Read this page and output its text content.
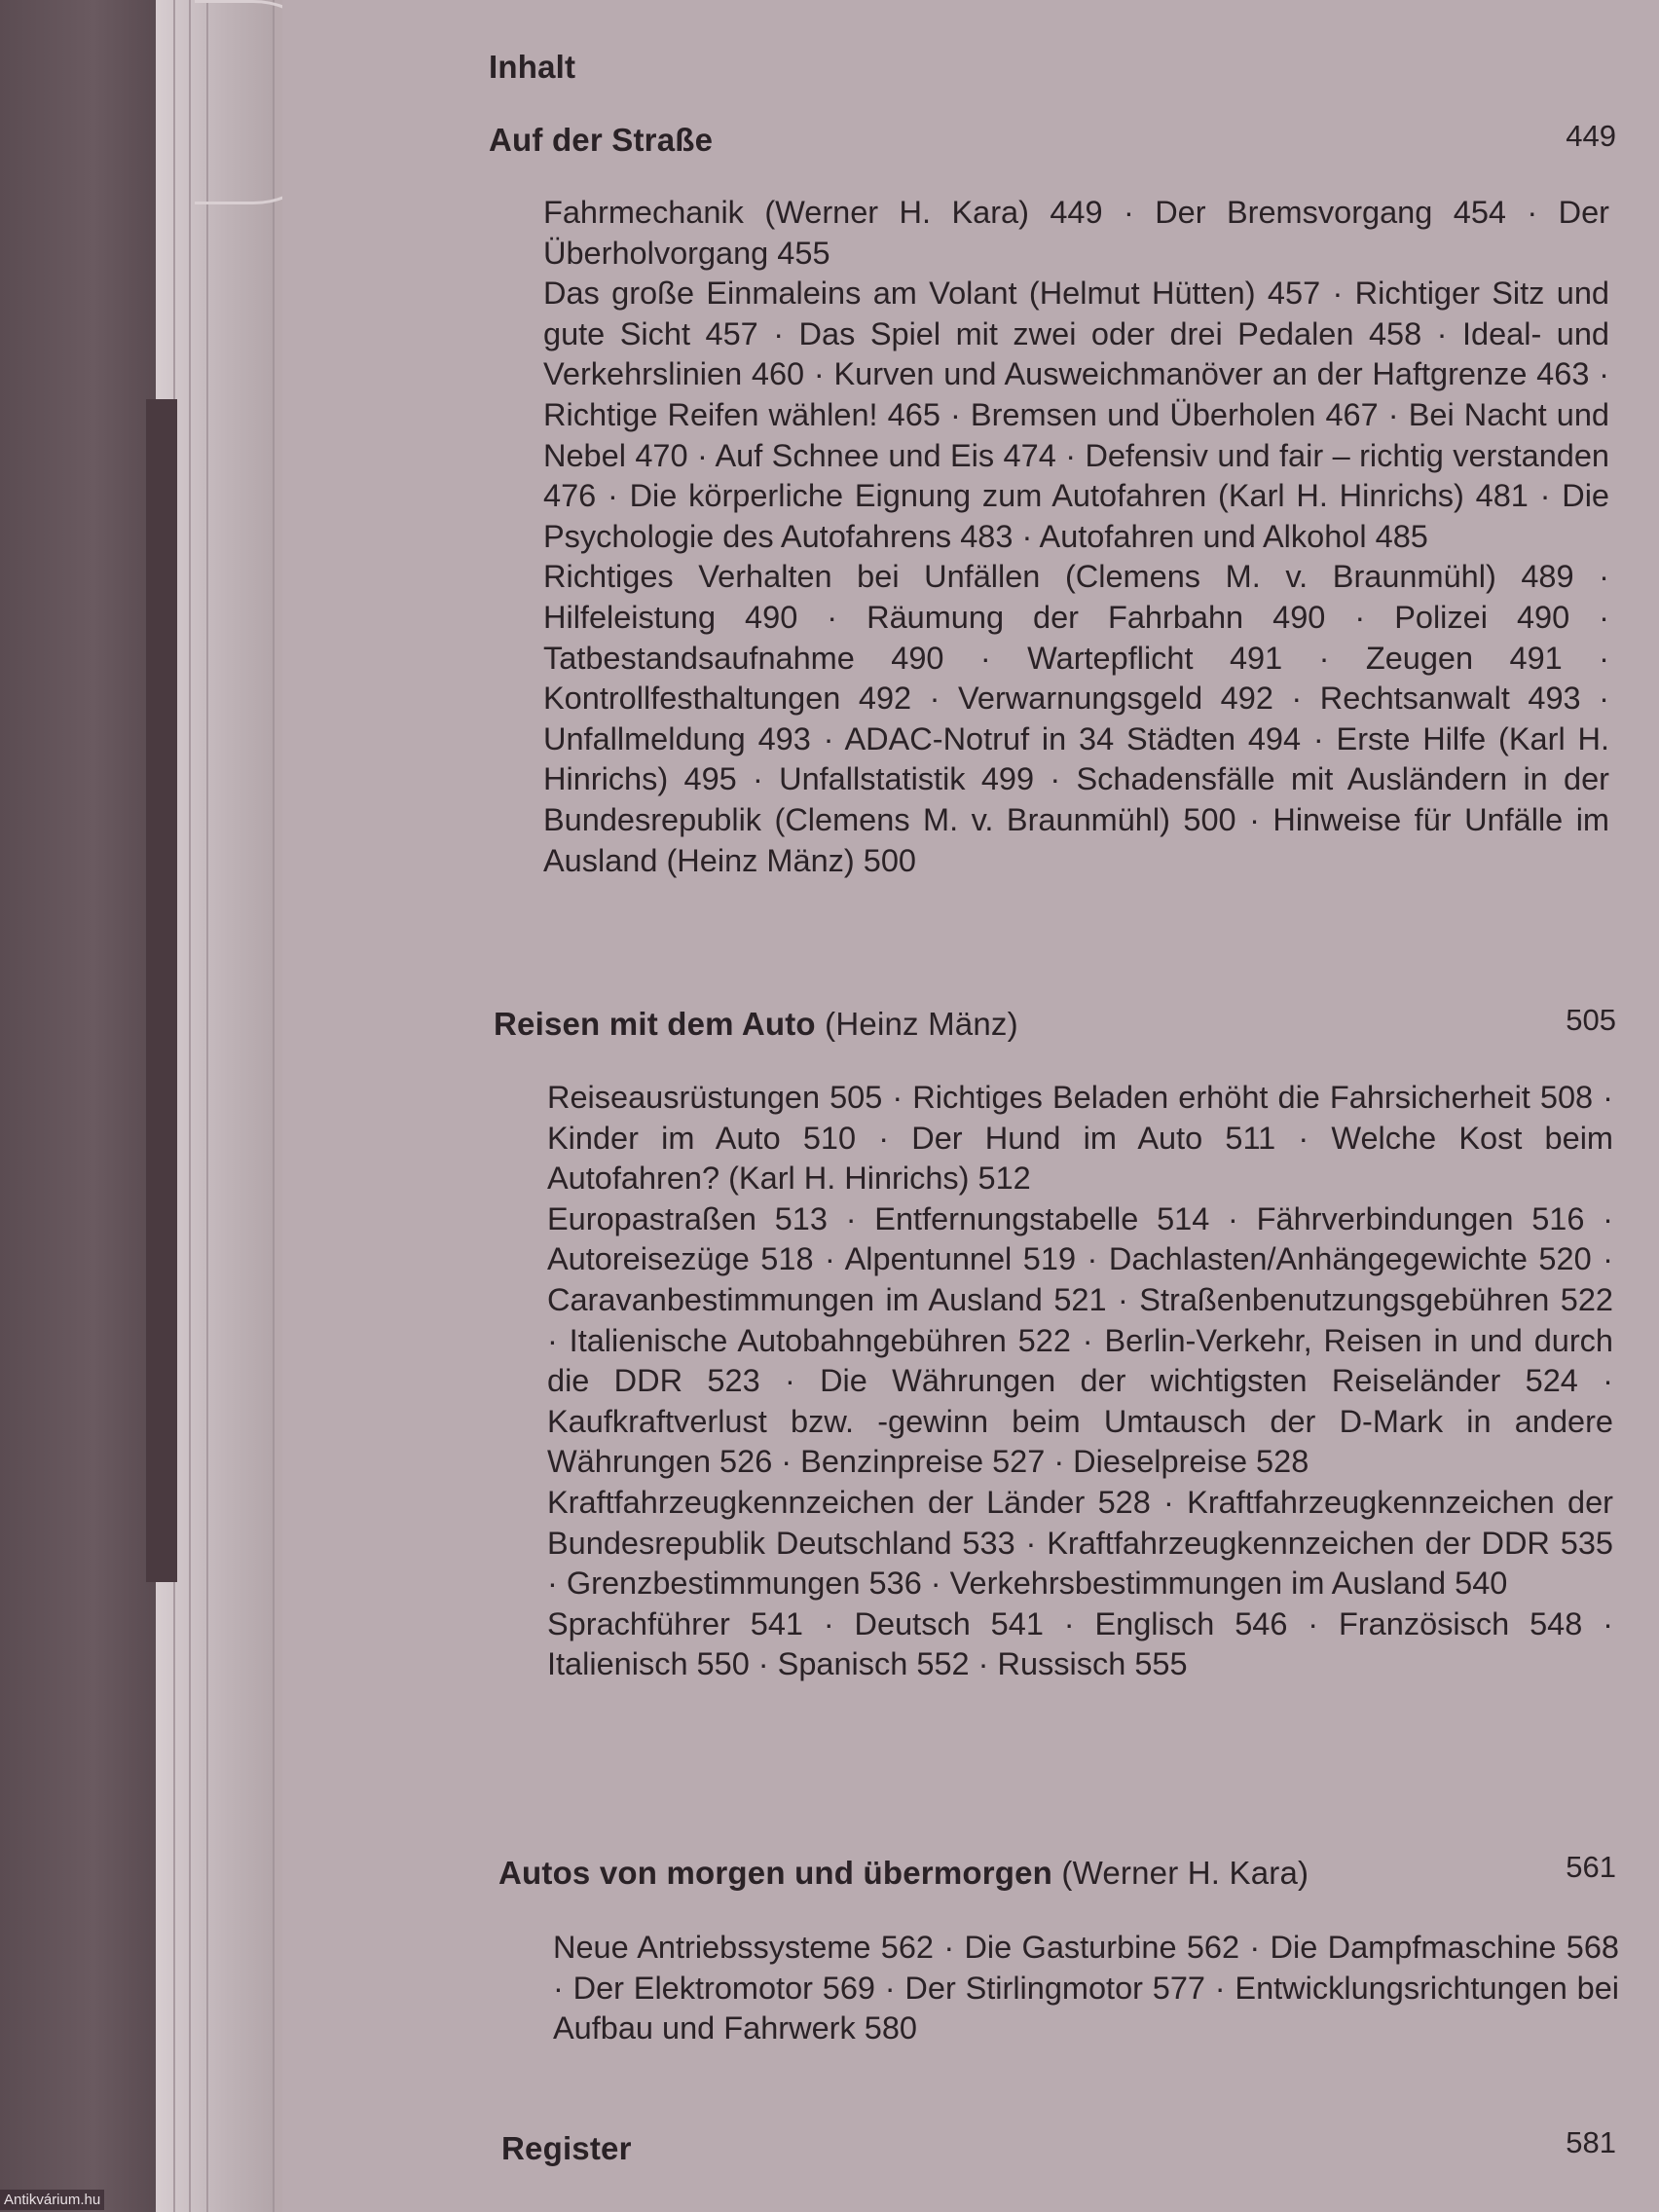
Inhalt
Auf der Straße	449

Fahrmechanik (Werner H. Kara) 449 · Der Bremsvorgang 454 · Der Überholvorgang 455

Das große Einmaleins am Volant (Helmut Hütten) 457 · Richtiger Sitz und gute Sicht 457 · Das Spiel mit zwei oder drei Pedalen 458 · Ideal- und Verkehrslinien 460 · Kurven und Ausweichmanöver an der Haftgrenze 463 · Richtige Reifen wählen! 465 · Bremsen und Überholen 467 · Bei Nacht und Nebel 470 · Auf Schnee und Eis 474 · Defensiv und fair – richtig verstanden 476 · Die körperliche Eignung zum Autofahren (Karl H. Hinrichs) 481 · Die Psychologie des Autofahrens 483 · Autofahren und Alkohol 485

Richtiges Verhalten bei Unfällen (Clemens M. v. Braunmühl) 489 · Hilfeleistung 490 · Räumung der Fahrbahn 490 · Polizei 490 · Tatbestandsaufnahme 490 · Wartepflicht 491 · Zeugen 491 · Kontrollfesthaltungen 492 · Verwarnungsgeld 492 · Rechtsanwalt 493 · Unfallmeldung 493 · ADAC-Notruf in 34 Städten 494 · Erste Hilfe (Karl H. Hinrichs) 495 · Unfallstatistik 499 · Schadensfälle mit Ausländern in der Bundesrepublik (Clemens M. v. Braunmühl) 500 · Hinweise für Unfälle im Ausland (Heinz Mänz) 500

Reisen mit dem Auto (Heinz Mänz)	505

Reiseausrüstungen 505 · Richtiges Beladen erhöht die Fahrsicherheit 508 · Kinder im Auto 510 · Der Hund im Auto 511 · Welche Kost beim Autofahren? (Karl H. Hinrichs) 512

Europastraßen 513 · Entfernungstabelle 514 · Fährverbindungen 516 · Autoreisezüge 518 · Alpentunnel 519 · Dachlasten/Anhängegewichte 520 · Caravanbestimmungen im Ausland 521 · Straßenbenutzungsgebühren 522 · Italienische Autobahngebühren 522 · Berlin-Verkehr, Reisen in und durch die DDR 523 · Die Währungen der wichtigsten Reiseländer 524 · Kaufkraftverlust bzw. -gewinn beim Umtausch der D-Mark in andere Währungen 526 · Benzinpreise 527 · Dieselpreise 528

Kraftfahrzeugkennzeichen der Länder 528 · Kraftfahrzeugkennzeichen der Bundesrepublik Deutschland 533 · Kraftfahrzeugkennzeichen der DDR 535 · Grenzbestimmungen 536 · Verkehrsbestimmungen im Ausland 540

Sprachführer 541 · Deutsch 541 · Englisch 546 · Französisch 548 · Italienisch 550 · Spanisch 552 · Russisch 555

Autos von morgen und übermorgen (Werner H. Kara)	561

Neue Antriebssysteme 562 · Die Gasturbine 562 · Die Dampfmaschine 568 · Der Elektromotor 569 · Der Stirlingmotor 577 · Entwicklungsrichtungen bei Aufbau und Fahrwerk 580

Register	581
Antikvárium.hu
